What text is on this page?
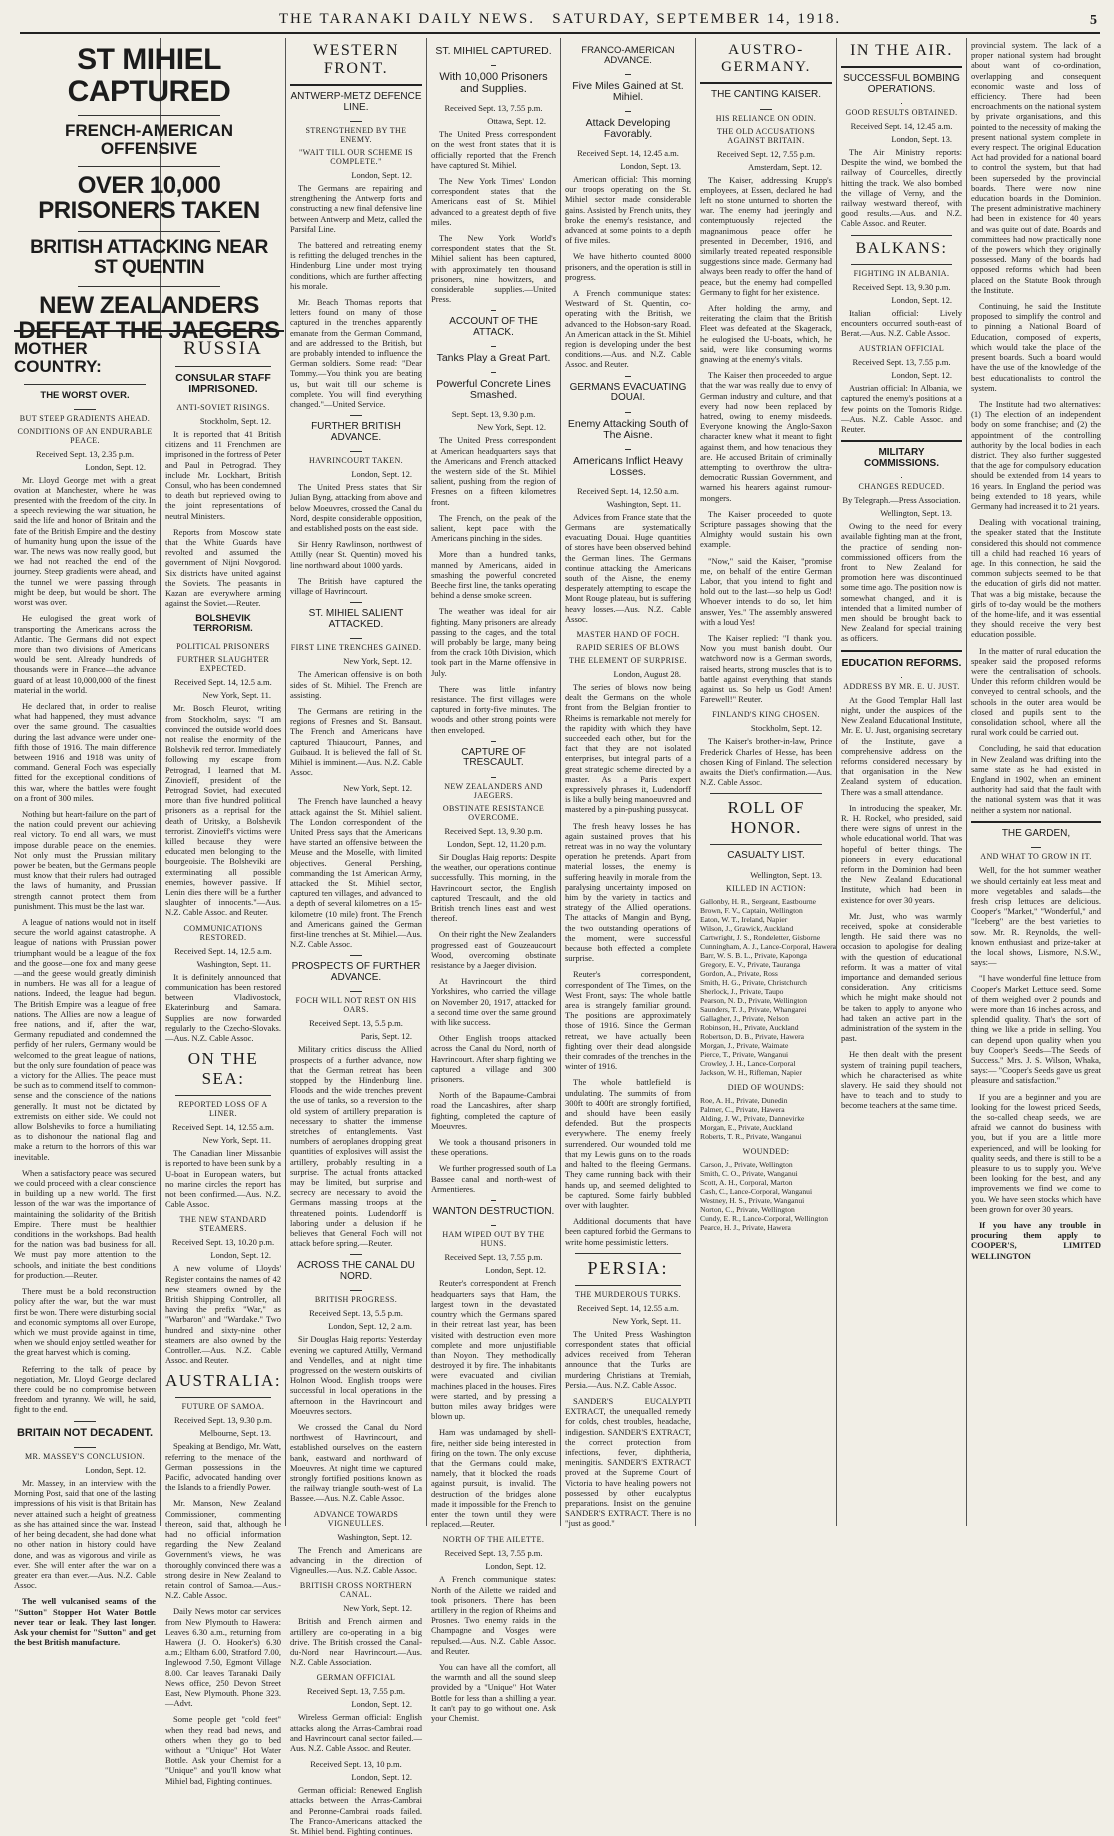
THE TARANAKI DAILY NEWS. SATURDAY, SEPTEMBER 14, 1918.	5
ST MIHIEL CAPTURED
FRENCH-AMERICAN OFFENSIVE
OVER 10,000 PRISONERS TAKEN
BRITISH ATTACKING NEAR ST QUENTIN
NEW ZEALANDERS DEFEAT THE JAEGERS
MOTHER COUNTRY:
THE WORST OVER.
BUT STEEP GRADIENTS AHEAD.
CONDITIONS OF AN ENDURABLE PEACE.
Received Sept. 13, 2.35 p.m.
London, Sept. 12.

Mr. Lloyd George met with a great ovation at Manchester, where he was presented with the freedom of the city. In a speech reviewing the war situation, he said the life and honor of Britain and the fate of the British Empire and the destiny of humanity hung upon the issue of the war. The news was now really good, but we had not reached the end of the journey. Steep gradients were ahead, and the tunnel we were passing through might be deep, but would be short. The worst was over.

He eulogised the great work of transporting the Americans across the Atlantic. The Germans did not expect more than two divisions of Americans would be sent. Already hundreds of thousands were in France—the advance guard of at least 10,000,000 of the finest material in the world.

He declared that, in order to realise what had happened, they must advance over the same ground. The casualties during the last advance were under one-fifth those of 1916. The main difference between 1916 and 1918 was unity of command. General Foch was especially fitted for the exceptional conditions of this war, where the battles were fought on a front of 300 miles.

Nothing but heart-failure on the part of the nation could prevent our achieving real victory. To end all wars, we must impose durable peace on the enemies. Not only must the Prussian military power be beaten, but the Germans people must know that their rulers had outraged the laws of humanity, and Prussian strength cannot protect them from punishment. This must be the last war.

A league of nations would not in itself secure the world against catastrophe. A league of nations with Prussian power triumphant would be a league of the fox and the goose—one fox and many geese—and the geese would greatly diminish in numbers. He was all for a league of nations. Indeed, the league had begun. The British Empire was a league of free nations. The Allies are now a league of free nations, and if, after the war, Germany repudiated and condemned the perfidy of her rulers, Germany would be welcomed to the great league of nations, but the only sure foundation of peace was a victory for the Allies. The peace must be such as to commend itself to common-sense and the conscience of the nations generally. It must not be dictated by extremists on either side. We could not allow Bolsheviks to force a humiliating as to dishonour the national flag and make a return to the horrors of this war inevitable.

When a satisfactory peace was secured we could proceed with a clear conscience in building up a new world. The first lesson of the war was the importance of maintaining the solidarity of the British Empire. There must be healthier conditions in the workshops. Bad health for the nation was bad business for all. We must pay more attention to the schools, and initiate the best conditions for production.—Reuter.

There must be a bold reconstruction policy after the war, but the war must first be won. There were disturbing social and economic symptoms all over Europe, which we must provide against in time, when we should enjoy settled weather for the great harvest which is coming.

Referring to the talk of peace by negotiation, Mr. Lloyd George declared there could be no compromise between freedom and tyranny. We will, he said, fight to the end.

BRITAIN NOT DECADENT.
MR. MASSEY'S CONCLUSION.
London, Sept. 12.

Mr. Massey, in an interview with the Morning Post, said that one of the lasting impressions of his visit is that Britain has never attained such a height of greatness as she has attained since the war. Instead of her being decadent, she had done what no other nation in history could have done, and was as vigorous and virile as ever. She will enter after the war on a greater era than ever.—Aus. N.Z. Cable Assoc.

The well vulcanised seams of the "Sutton" Stopper Hot Water Bottle never tear or leak. They last longer. Ask your chemist for "Sutton" and get the best British manufacture.

RUSSIA
CONSULAR STAFF IMPRISONED.
ANTI-SOVIET RISINGS.
Stockholm, Sept. 12.

It is reported that 41 British citizens and 11 Frenchmen are imprisoned in the fortress of Peter and Paul in Petrograd. They include Mr. Lockhart, British Consul, who has been condemned to death but reprieved owing to the joint representations of neutral Ministers.

Reports from Moscow state that the White Guards have revolted and assumed the government of Nijni Novgorod. Six districts have united against the Soviets. The peasants in Kazan are everywhere arming against the Soviet.—Reuter.

BOLSHEVIK TERRORISM.
POLITICAL PRISONERS
FURTHER SLAUGHTER EXPECTED.
Received Sept. 14, 12.5 a.m.
New York, Sept. 11.

Mr. Bosch Fleurot, writing from Stockholm, says: "I am convinced the outside world does not realise the enormity of the Bolshevik red terror. Immediately following my escape from Petrograd, I learned that M. Zinovieff, president of the Petrograd Soviet, had executed more than five hundred political prisoners as a reprisal for the death of Uritsky, a Bolshevik terrorist. Zinovieff's victims were killed because they were educated men belonging to the bourgeoisie. The Bolsheviki are exterminating all possible enemies, however passive. If Lenin dies there will be a further slaughter of innocents."—Aus. N.Z. Cable Assoc. and Reuter.

COMMUNICATIONS RESTORED.
Received Sept. 14, 12.5 a.m.
Washington, Sept. 11.

It is definitely announced that communication has been restored between Vladivostock, Ekaterinburg and Samara. Supplies are now forwarded regularly to the Czecho-Slovaks.—Aus. N.Z. Cable Assoc.

ON THE SEA:
REPORTED LOSS OF A LINER.
Received Sept. 14, 12.55 a.m.
New York, Sept. 11.

The Canadian liner Missanbie is reported to have been sunk by a U-boat in European waters, but no marine circles the report has not been confirmed.—Aus. N.Z. Cable Assoc.

THE NEW STANDARD STEAMERS.
Received Sept. 13, 10.20 p.m.
London, Sept. 12.

A new volume of Lloyds' Register contains the names of 42 new steamers owned by the British Shipping Controller, all having the prefix "War," as "Warbaron" and "Wardake." Two hundred and sixty-nine other steamers are also owned by the Controller.—Aus. N.Z. Cable Assoc. and Reuter.

AUSTRALIA:
FUTURE OF SAMOA.
Received Sept. 13, 9.30 p.m.
Melbourne, Sept. 13.

Speaking at Bendigo, Mr. Watt, referring to the menace of the German possessions in the Pacific, advocated handing over the Islands to a friendly Power.

Mr. Manson, New Zealand Commissioner, commenting thereon, said that, although he had no official information regarding the New Zealand Government's views, he was thoroughly convinced there was a strong desire in New Zealand to retain control of Samoa.—Aus.-N.Z. Cable Assoc.

Daily News motor car services from New Plymouth to Hawera: Leaves 6.30 a.m., returning from Hawera (J. O. Hooker's) 6.30 a.m.; Eltham 6.00, Stratford 7.00, Inglewood 7.50, Egmont Village 8.00. Car leaves Taranaki Daily News office, 250 Devon Street East, New Plymouth. Phone 323.—Advt.

Some people get "cold feet" when they read bad news, and others when they go to bed without a "Unique" Hot Water Bottle. Ask your Chemist for a "Unique" and you'll know what Mihiel bad, Fighting continues.

WESTERN FRONT.
ANTWERP-METZ DEFENCE LINE.
STRENGTHENED BY THE ENEMY.
"WAIT TILL OUR SCHEME IS COMPLETE."
London, Sept. 12.

The Germans are repairing and strengthening the Antwerp forts and constructing a new final defensive line between Antwerp and Metz, called the Parsifal Line.

The battered and retreating enemy is refitting the deluged trenches in the Hindenburg Line under most trying conditions, which are further affecting his morale.

Mr. Beach Thomas reports that letters found on many of those captured in the trenches apparently emanate from the German Command, and are addressed to the British, but are probably intended to influence the German soldiers. Some read: "Dear Tommy.—You think you are beating us, but wait till our scheme is complete. You will find everything changed."—United Service.

FURTHER BRITISH ADVANCE.
HAVRINCOURT TAKEN.
London, Sept. 12.

The United Press states that Sir Julian Byng, attacking from above and below Moeuvres, crossed the Canal du Nord, despite considerable opposition, and established posts on the east side.

Sir Henry Rawlinson, northwest of Attilly (near St. Quentin) moved his line northward about 1000 yards.

The British have captured the village of Havrincourt.

ST. MIHIEL SALIENT ATTACKED.
FIRST LINE TRENCHES GAINED.
New York, Sept. 12.

The American offensive is on both sides of St. Mihiel. The French are assisting.

The Germans are retiring in the regions of Fresnes and St. Bansaut. The French and Americans have captured Thiaucourt, Pannes, and Guibaud. It is believed the fall of St. Mihiel is imminent.—Aus. N.Z. Cable Assoc.

New York, Sept. 12.

The French have launched a heavy attack against the St. Mihiel salient. The London correspondent of the United Press says that the Americans have started an offensive between the Meuse and the Moselle, with limited objectives. General Pershing, commanding the 1st American Army, attacked the St. Mihiel sector, captured ten villages, and advanced to a depth of several kilometres on a 15-kilometre (10 mile) front. The French and Americans gained the German first-line trenches at St. Mihiel.—Aus. N.Z. Cable Assoc.

PROSPECTS OF FURTHER ADVANCE.
FOCH WILL NOT REST ON HIS OARS.
Received Sept. 13, 5.5 p.m.
Paris, Sept. 12.

Military critics discuss the Allied prospects of a further advance, now that the German retreat has been stopped by the Hindenburg line. Floods and the wide trenches prevent the use of tanks, so a reversion to the old system of artillery preparation is necessary to shatter the immense stretches of entanglements. Vast numbers of aeroplanes dropping great quantities of explosives will assist the artillery, probably resulting in a surprise. The actual fronts attacked may be limited, but surprise and secrecy are necessary to avoid the Germans massing troops at the threatened points. Ludendorff is laboring under a delusion if he believes that General Foch will not attack before spring.—Reuter.

ACROSS THE CANAL DU NORD.
BRITISH PROGRESS.
Received Sept. 13, 5.5 p.m.
London, Sept. 12, 2 a.m.

Sir Douglas Haig reports: Yesterday evening we captured Attilly, Vermand and Vendelles, and at night time progressed on the western outskirts of Holnon Wood. English troops were successful in local operations in the afternoon in the Havrincourt and Moeuvres sectors.

We crossed the Canal du Nord northwest of Havrincourt, and established ourselves on the eastern bank, eastward and northward of Moeuvres. At night time we captured strongly fortified positions known as the railway triangle south-west of La Bassee.—Aus. N.Z. Cable Assoc.

ADVANCE TOWARDS VIGNEULLES.
Washington, Sept. 12.

The French and Americans are advancing in the direction of Vigneulles.—Aus. N.Z. Cable Assoc.

BRITISH CROSS NORTHERN CANAL.
New York, Sept. 12.

British and French airmen and artillery are co-operating in a big drive. The British crossed the Canal-du-Nord near Havrincourt.—Aus. N.Z. Cable Association.

GERMAN OFFICIAL
Received Sept. 13, 7.55 p.m.
London, Sept. 12.

Wireless German official: English attacks along the Arras-Cambrai road and Havrincourt canal sector failed.—Aus. N.Z. Cable Assoc. and Reuter.

Received Sept. 13, 10 p.m.
London, Sept. 12.

German official: Renewed English attacks between the Arras-Cambrai and Peronne-Cambrai roads failed. The Franco-Americans attacked the St. Mihiel bend. Fighting continues.

ST. MIHIEL CAPTURED.
With 10,000 Prisoners and Supplies.
Received Sept. 13, 7.55 p.m.
Ottawa, Sept. 12.

The United Press correspondent on the west front states that it is officially reported that the French have captured St. Mihiel.

The New York Times' London correspondent states that the Americans east of St. Mihiel advanced to a greatest depth of five miles.

The New York World's correspondent states that the St. Mihiel salient has been captured, with approximately ten thousand prisoners, nine howitzers, and considerable supplies.—United Press.

ACCOUNT OF THE ATTACK.
Tanks Play a Great Part.
Powerful Concrete Lines Smashed.
Sept. Sept. 13, 9.30 p.m.
New York, Sept. 12.

The United Press correspondent at American headquarters says that the Americans and French attacked the western side of the St. Mihiel salient, pushing from the region of Fresnes on a fifteen kilometres front.

The French, on the peak of the salient, kept pace with the Americans pinching in the sides.

More than a hundred tanks, manned by Americans, aided in smashing the powerful concreted Beeche first line, the tanks operating behind a dense smoke screen.

The weather was ideal for air fighting. Many prisoners are already passing to the cages, and the total will probably be large, many being from the crack 10th Division, which took part in the Marne offensive in July.

There was little infantry resistance. The first villages were captured in forty-five minutes. The woods and other strong points were then enveloped.

CAPTURE OF TRESCAULT.
NEW ZEALANDERS AND JAEGERS.
OBSTINATE RESISTANCE OVERCOME.
Received Sept. 13, 9.30 p.m.
London, Sept. 12, 11.20 p.m.

Sir Douglas Haig reports: Despite the weather, our operations continue successfully. This morning, in the Havrincourt sector, the English captured Trescault, and the old British trench lines east and west thereof.

On their right the New Zealanders progressed east of Gouzeaucourt Wood, overcoming obstinate resistance by a Jaeger division.

At Havrincourt the third Yorkshires, who carried the village on November 20, 1917, attacked for a second time over the same ground with like success.

Other English troops attacked across the Canal du Nord, north of Havrincourt. After sharp fighting we captured a village and 300 prisoners.

North of the Bapaume-Cambrai road the Lancashires, after sharp fighting, completed the capture of Moeuvres.

We took a thousand prisoners in these operations.

We further progressed south of La Bassee canal and north-west of Armentieres.

WANTON DESTRUCTION.
HAM WIPED OUT BY THE HUNS.
Received Sept. 13, 7.55 p.m.
London, Sept. 12.

Reuter's correspondent at French headquarters says that Ham, the largest town in the devastated country which the Germans spared in their retreat last year, has been visited with destruction even more complete and more unjustifiable than Noyon. They methodically destroyed it by fire. The inhabitants were evacuated and civilian machines placed in the houses. Fires were started, and by pressing a button miles away bridges were blown up.

Ham was undamaged by shell-fire, neither side being interested in firing on the town. The only excuse that the Germans could make, namely, that it blocked the roads against pursuit, is invalid. The destruction of the bridges alone made it impossible for the French to enter the town until they were replaced.—Reuter.

NORTH OF THE AILETTE.
Received Sept. 13, 7.55 p.m.
London, Sept. 12.

A French communique states: North of the Ailette we raided and took prisoners. There has been artillery in the region of Rheims and Prosnes. Two enemy raids in the Champagne and Vosges were repulsed.—Aus. N.Z. Cable Assoc. and Reuter.

You can have all the comfort, all the warmth and all the sound sleep provided by a "Unique" Hot Water Bottle for less than a shilling a year. It can't pay to go without one. Ask your Chemist.

FRANCO-AMERICAN ADVANCE.
Five Miles Gained at St. Mihiel.
Attack Developing Favorably.
Received Sept. 14, 12.45 a.m.
London, Sept. 13.

American official: This morning our troops operating on the St. Mihiel sector made considerable gains. Assisted by French units, they broke the enemy's resistance, and advanced at some points to a depth of five miles.

We have hitherto counted 8000 prisoners, and the operation is still in progress.

A French communique states: Westward of St. Quentin, co-operating with the British, we advanced to the Hobson-sary Road. An American attack in the St. Mihiel region is developing under the best conditions.—Aus. and N.Z. Cable Assoc. and Reuter.

GERMANS EVACUATING DOUAI.
Enemy Attacking South of The Aisne.
Americans Inflict Heavy Losses.
Received Sept. 14, 12.50 a.m.
Washington, Sept. 11.

Advices from France state that the Germans are systematically evacuating Douai. Huge quantities of stores have been observed behind the German lines. The Germans continue attacking the Americans south of the Aisne, the enemy desperately attempting to escape the Mont Rouge plateau, but is suffering heavy losses.—Aus. N.Z. Cable Assoc.

MASTER HAND OF FOCH.
RAPID SERIES OF BLOWS
THE ELEMENT OF SURPRISE.
London, August 28.

The series of blows now being dealt the Germans on the whole front from the Belgian frontier to Rheims is remarkable not merely for the rapidity with which they have succeeded each other, but for the fact that they are not isolated enterprises, but integral parts of a great strategic scheme directed by a master. As a Paris expert expressively phrases it, Ludendorff is like a bully being manoeuvred and mastered by a pin-pushing pussycat.

The fresh heavy losses he has again sustained proves that his retreat was in no way the voluntary operation he pretends. Apart from material losses, the enemy is suffering heavily in morale from the paralysing uncertainty imposed on him by the variety in tactics and strategy of the Allied operations. The attacks of Mangin and Byng, the two outstanding operations of the moment, were successful because both effected a complete surprise.

Reuter's correspondent, correspondent of The Times, on the West Front, says: The whole battle area is strangely familiar ground. The positions are approximately those of 1916. Since the German retreat, we have actually been fighting over their dead alongside their comrades of the trenches in the winter of 1916.

The whole battlefield is undulating. The summits of from 300ft to 400ft are strongly fortified, and should have been easily defended. But the prospects everywhere. The enemy freely surrendered. Our wounded told me that my Lewis guns on to the roads and halted to the fleeing Germans. They came running back with their hands up, and seemed delighted to be captured. Some fairly bubbled over with laughter.

Additional documents that have been captured forbid the Germans to write home pessimistic letters.

PERSIA:
THE MURDEROUS TURKS.
Received Sept. 14, 12.55 a.m.
New York, Sept. 11.

The United Press Washington correspondent states that official advices received from Teheran announce that the Turks are murdering Christians at Tremiah, Persia.—Aus. N.Z. Cable Assoc.

SANDER'S EUCALYPTI EXTRACT, the unequalled remedy for colds, chest troubles, headache, indigestion. SANDER'S EXTRACT, the correct protection from infections, fever, diphtheria, meningitis. SANDER'S EXTRACT proved at the Supreme Court of Victoria to have healing powers not possessed by other eucalyptus preparations. Insist on the genuine SANDER'S EXTRACT. There is no "just as good."

AUSTRO-GERMANY.
THE CANTING KAISER.
HIS RELIANCE ON ODIN.
THE OLD ACCUSATIONS AGAINST BRITAIN.
Received Sept. 12, 7.55 p.m.
Amsterdam, Sept. 12.

The Kaiser, addressing Krupp's employees, at Essen, declared he had left no stone unturned to shorten the war. The enemy had jeeringly and contemptuously rejected the magnanimous peace offer he presented in December, 1916, and similarly treated repeated responsible suggestions since made. Germany had always been ready to offer the hand of peace, but the enemy had compelled Germany to fight for her existence.

After holding the army, and reiterating the claim that the British Fleet was defeated at the Skagerack, he eulogised the U-boats, which, he said, were like consuming worms gnawing at the enemy's vitals.

The Kaiser then proceeded to argue that the war was really due to envy of German industry and culture, and that every had now been replaced by hatred, owing to enemy misdeeds. Everyone knowing the Anglo-Saxon character knew what it meant to fight against them, and how tenacious they are. He accused Britain of criminally attempting to overthrow the ultra-democratic Russian Government, and warned his hearers against rumour-mongers.

The Kaiser proceeded to quote Scripture passages showing that the Almighty would sustain his own example.

"Now," said the Kaiser, "promise me, on behalf of the entire German Labor, that you intend to fight and hold out to the last—so help us God! Whoever intends to do so, let him answer, Yes." The assembly answered with a loud Yes!

The Kaiser replied: "I thank you. Now you must banish doubt. Our watchword now is a German swords, raised hearts, strong muscles that is to battle against everything that stands against us. So help us God! Amen! Farewell!" Reuter.

FINLAND'S KING CHOSEN.
Stockholm, Sept. 12.

The Kaiser's brother-in-law, Prince Frederick Charles of Hesse, has been chosen King of Finland. The selection awaits the Diet's confirmation.—Aus. N.Z. Cable Assoc.

ROLL OF HONOR.
CASUALTY LIST.
Wellington, Sept. 13.
KILLED IN ACTION:
Gallonby, H. R., Sergeant, Eastbourne
Brown, F. V., Captain, Wellington
Eaton, W. T., Ireland, Napier
Wilson, J., Grawick, Auckland
Cartwright, J. S., Rondeletter, Gisborne
Cunningham, A. J., Lance-Corporal, Hawera
Barr, W. S. B. L., Private, Kaponga
Gregory, E. V., Private, Tauranga
Gordon, A., Private, Ross
Smith, H. G., Private, Christchurch
Sherlock, J., Private, Taupo
Pearson, N. D., Private, Wellington
Saunders, T. J., Private, Whangarei
Gallagher, J., Private, Nelson
Robinson, H., Private, Auckland
Robertson, D. B., Private, Hawera
Morgan, J., Private, Waimate
Pierce, T., Private, Wanganui
Crowley, J. H., Lance-Corporal
Jackson, W. H., Rifleman, Napier
DIED OF WOUNDS:
Roe, A. H., Private, Dunedin
Palmer, C., Private, Hawera
Alding, J. W., Private, Dannevirke
Morgan, E., Private, Auckland
Roberts, T. R., Private, Wanganui
WOUNDED:
Carson, J., Private, Wellington
Smith, C. O., Private, Wanganui
Scott, A. H., Corporal, Marton
Cash, C., Lance-Corporal, Wanganui
Westney, H. S., Private, Wanganui
Norton, C., Private, Wellington
Cundy, E. R., Lance-Corporal, Wellington
Pearce, H. J., Private, Hawera
IN THE AIR.
SUCCESSFUL BOMBING OPERATIONS.
GOOD RESULTS OBTAINED.
Received Sept. 14, 12.45 a.m.
London, Sept. 13.

The Air Ministry reports: Despite the wind, we bombed the railway of Courcelles, directly hitting the track. We also bombed the village of Verny, and the railway westward thereof, with good results.—Aus. and N.Z. Cable Assoc. and Reuter.

BALKANS:
FIGHTING IN ALBANIA.
Received Sept. 13, 9.30 p.m.
London, Sept. 12.

Italian official: Lively encounters occurred south-east of Berat.—Aus. N.Z. Cable Assoc.

AUSTRIAN OFFICIAL
Received Sept. 13, 7.55 p.m.
London, Sept. 12.

Austrian official: In Albania, we captured the enemy's positions at a few points on the Tomoris Ridge.—Aus. N.Z. Cable Assoc. and Reuter.

MILITARY COMMISSIONS.
CHANGES REDUCED.
By Telegraph.—Press Association.
Wellington, Sept. 13.

Owing to the need for every available fighting man at the front, the practice of sending non-commissioned officers from the front to New Zealand for promotion here was discontinued some time ago. The position now is somewhat changed, and it is intended that a limited number of men should be brought back to New Zealand for special training as officers.

EDUCATION REFORMS.
ADDRESS BY MR. E. U. JUST.

At the Good Templar Hall last night, under the auspices of the New Zealand Educational Institute, Mr. E. U. Just, organising secretary of the Institute, gave a comprehensive address on the reforms considered necessary by that organisation in the New Zealand system of education. There was a small attendance.

In introducing the speaker, Mr. R. H. Rockel, who presided, said there were signs of unrest in the whole educational world. That was hopeful of better things. The pioneers in every educational reform in the Dominion had been the New Zealand Educational Institute, which had been in existence for over 30 years.

Mr. Just, who was warmly received, spoke at considerable length. He said there was no occasion to apologise for dealing with the question of educational reform. It was a matter of vital importance and demanded serious consideration. Any criticisms which he might make should not be taken to apply to anyone who had taken an active part in the administration of the system in the past.

He then dealt with the present system of training pupil teachers, which he characterised as white slavery. He said they should not have to teach and to study to become teachers at the same time.

provincial system. The lack of a proper national system had brought about want of co-ordination, overlapping and consequent economic waste and loss of efficiency. There had been encroachments on the national system by private organisations, and this pointed to the necessity of making the present national system complete in every respect. The original Education Act had provided for a national board to control the system, but that had been superseded by the provincial boards. There were now nine education boards in the Dominion. The present administrative machinery had been in existence for 40 years and was quite out of date. Boards and committees had now practically none of the powers which they originally possessed. Many of the boards had opposed reforms which had been placed on the Statute Book through the Institute.

Continuing, he said the Institute proposed to simplify the control and to pinning a National Board of Education, composed of experts, which would take the place of the present boards. Such a board would have the use of the knowledge of the best educationalists to control the system.

The Institute had two alternatives: (1) The election of an independent body on some franchise; and (2) the appointment of the controlling authority by the local bodies in each district. They also further suggested that the age for compulsory education should be extended from 14 years to 16 years. In England the period was being extended to 18 years, while Germany had increased it to 21 years.

Dealing with vocational training, the speaker stated that the Institute considered this should not commence till a child had reached 16 years of age. In this connection, he said the common subjects seemed to be that the education of girls did not matter. That was a big mistake, because the girls of to-day would be the mothers of the home-life, and it was essential they should receive the very best education possible.

In the matter of rural education the speaker said the proposed reforms were the centralisation of schools. Under this reform children would be conveyed to central schools, and the schools in the outer area would be closed and pupils sent to the consolidation school, where all the rural work could be carried out.

Concluding, he said that education in New Zealand was drifting into the same state as he had existed in England in 1902, when an eminent authority had said that the fault with the national system was that it was neither a system nor national.

THE GARDEN,
AND WHAT TO GROW IN IT.

Well, for the hot summer weather we should certainly eat less meat and more vegetables and salads—the fresh crisp lettuces are delicious. Cooper's "Market," "Wonderful," and "Iceberg" are the best varieties to sow. Mr. R. Reynolds, the well-known enthusiast and prize-taker at the local shows, Lismore, N.S.W., says:—

"I have wonderful fine lettuce from Cooper's Market Lettuce seed. Some of them weighed over 2 pounds and were more than 16 inches across, and splendid quality. That's the sort of thing we like a pride in selling. You can depend upon quality when you buy Cooper's Seeds—The Seeds of Success." Mrs. J. S. Wilson, Whaka, says:— "Cooper's Seeds gave us great pleasure and satisfaction."

If you are a beginner and you are looking for the lowest priced Seeds, the so-called cheap seeds, we are afraid we cannot do business with you, but if you are a little more experienced, and will be looking for quality seeds, and there is still to be a pleasure to us to supply you. We've been looking for the best, and any improvements we find we come to you. We have seen stocks which have been grown for over 30 years.

If you have any trouble in procuring them apply to COOPER'S, LIMITED WELLINGTON
